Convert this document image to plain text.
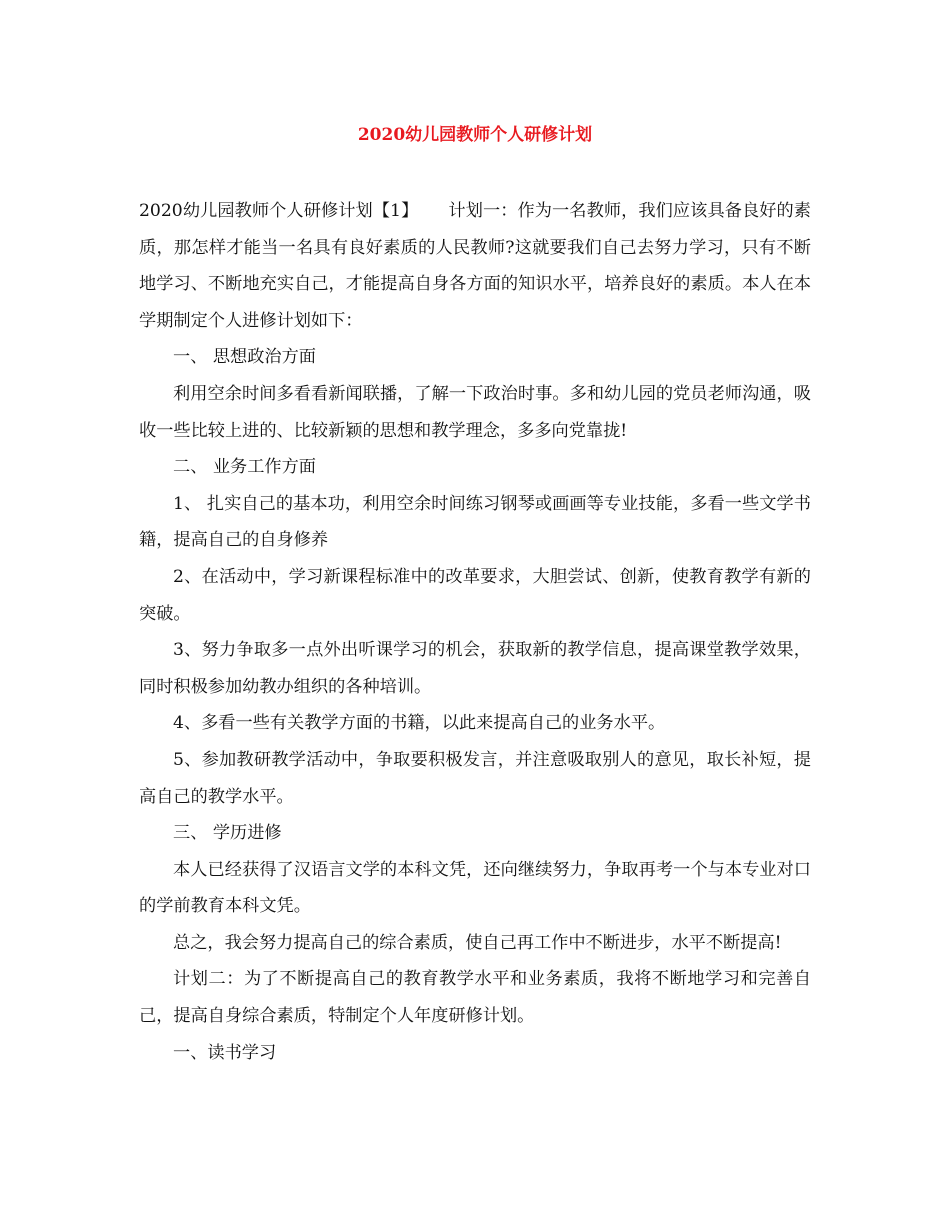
2020幼儿园教师个人研修计划

2020幼儿园教师个人研修计划【1】 计划一：作为一名教师，我们应该具备良好的素质，那怎样才能当一名具有良好素质的人民教师?这就要我们自己去努力学习，只有不断地学习、不断地充实自己，才能提高自身各方面的知识水平，培养良好的素质。本人在本学期制定个人进修计划如下：

一、 思想政治方面

利用空余时间多看看新闻联播，了解一下政治时事。多和幼儿园的党员老师沟通，吸收一些比较上进的、比较新颖的思想和教学理念，多多向党靠拢!

二、 业务工作方面

1、 扎实自己的基本功，利用空余时间练习钢琴或画画等专业技能，多看一些文学书籍，提高自己的自身修养

2、在活动中，学习新课程标准中的改革要求，大胆尝试、创新，使教育教学有新的突破。

3、努力争取多一点外出听课学习的机会，获取新的教学信息，提高课堂教学效果，同时积极参加幼教办组织的各种培训。

4、多看一些有关教学方面的书籍，以此来提高自己的业务水平。

5、参加教研教学活动中，争取要积极发言，并注意吸取别人的意见，取长补短，提高自己的教学水平。

三、 学历进修

本人已经获得了汉语言文学的本科文凭，还向继续努力，争取再考一个与本专业对口的学前教育本科文凭。

总之，我会努力提高自己的综合素质，使自己再工作中不断进步，水平不断提高!

计划二：为了不断提高自己的教育教学水平和业务素质，我将不断地学习和完善自己，提高自身综合素质，特制定个人年度研修计划。

一、读书学习
